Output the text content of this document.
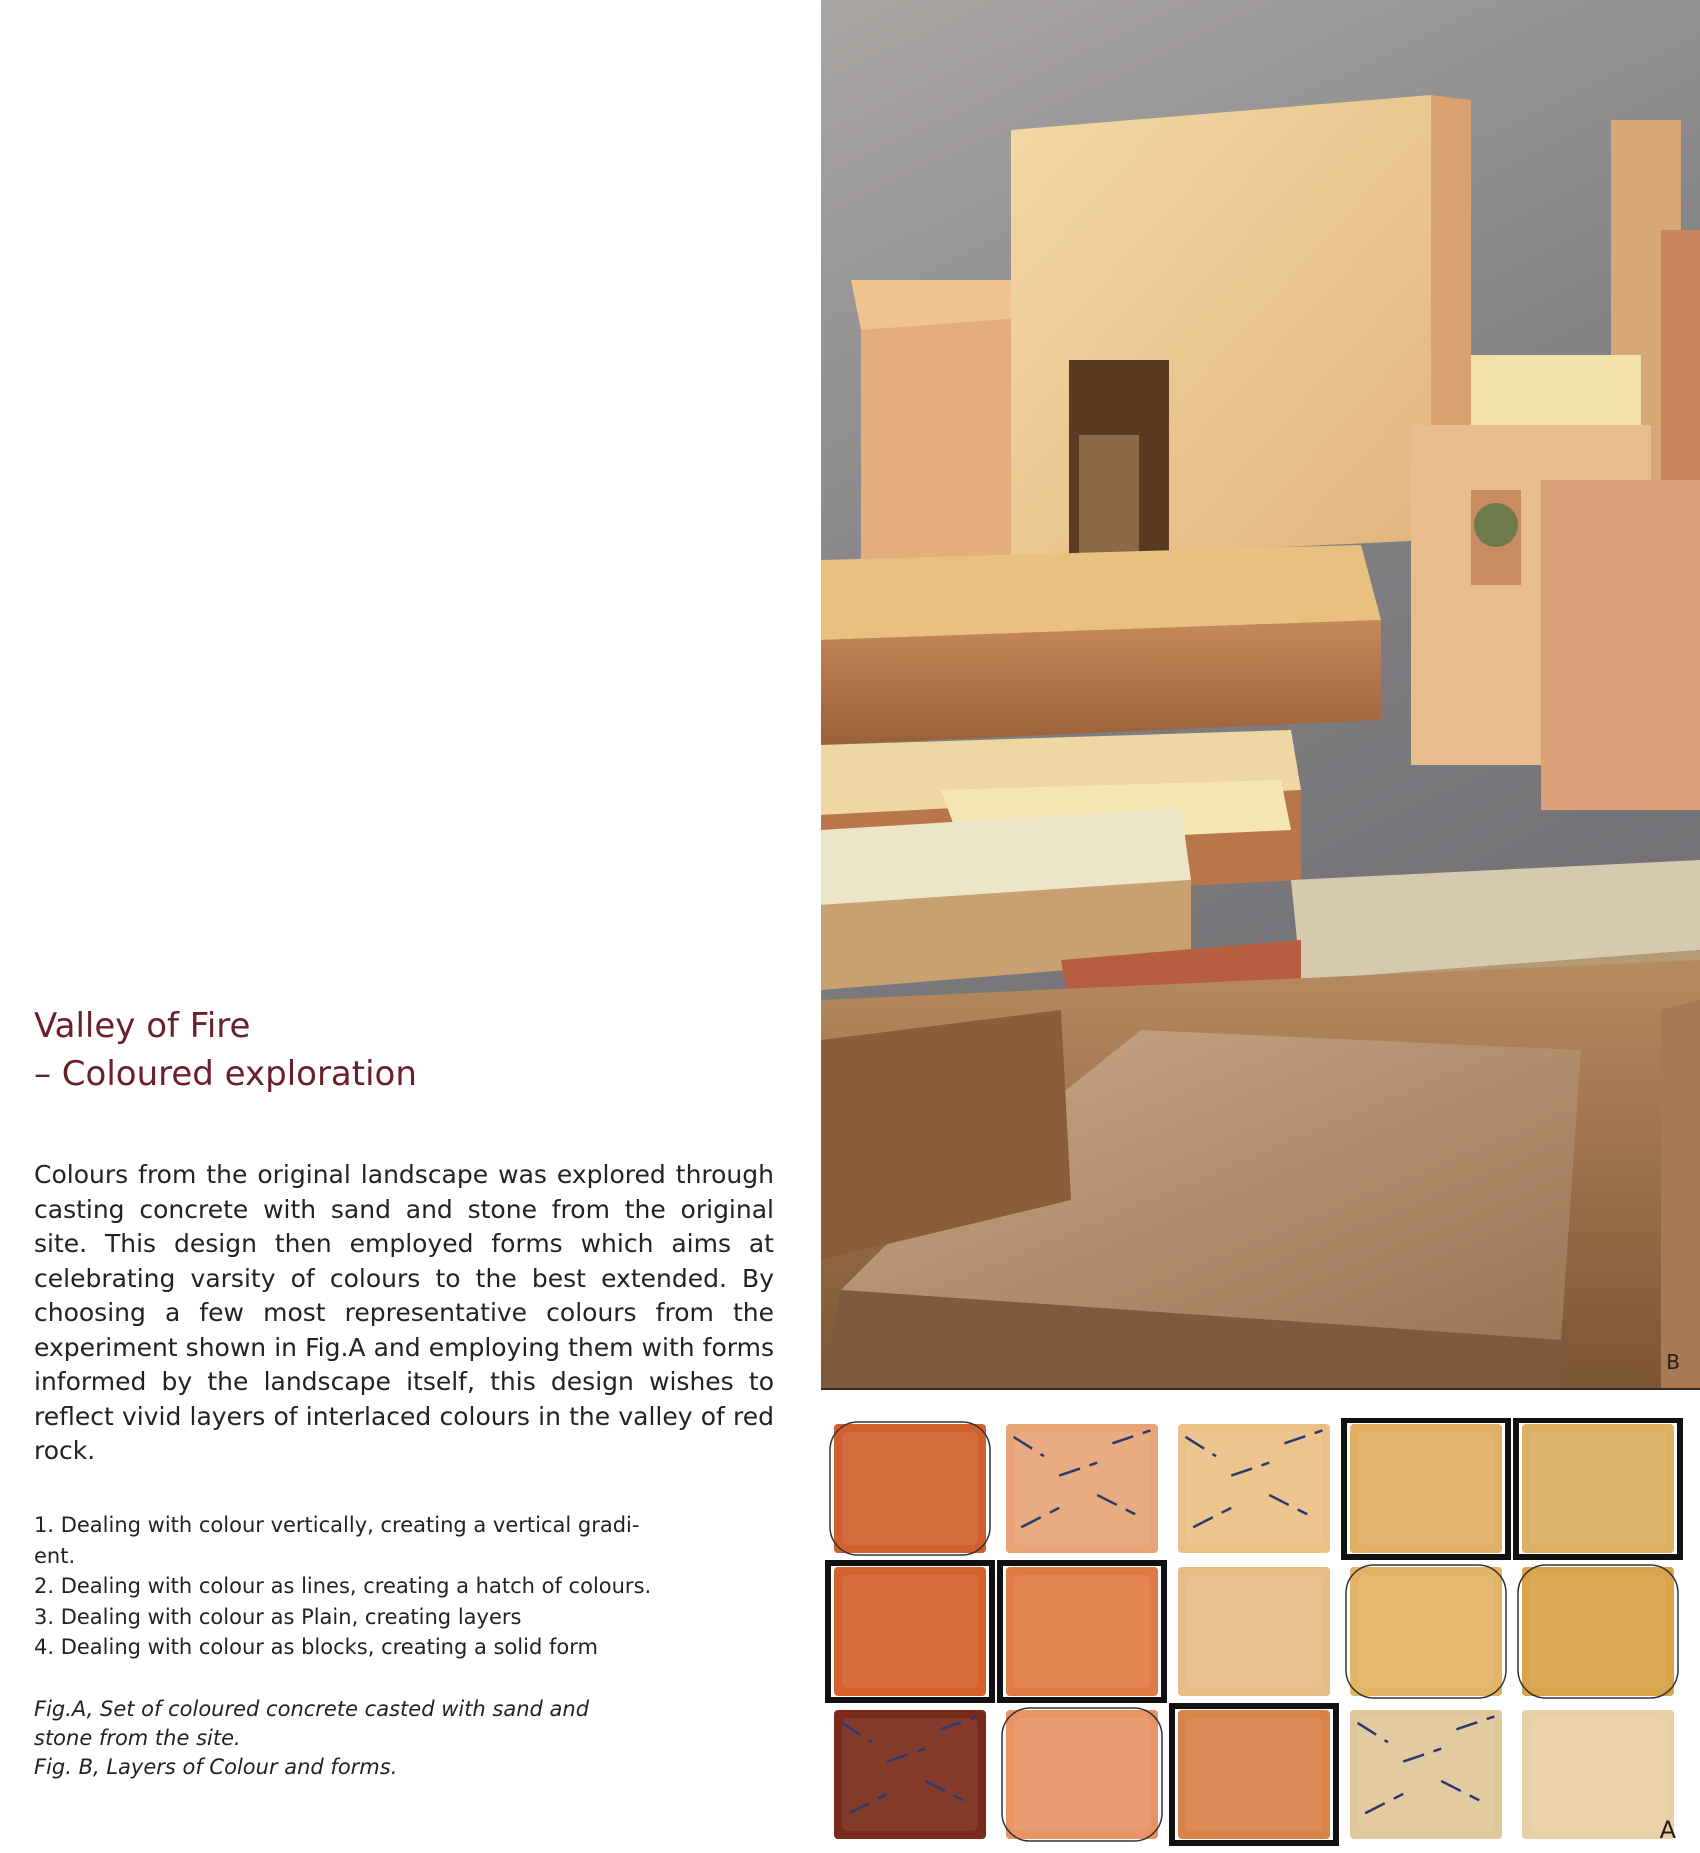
Valley of Fire
– Coloured exploration
Colours from the original landscape was explored through casting concrete with sand and stone from the original site. This design then employed forms which aims at celebrating varsity of colours to the best extended. By choosing a few most representative colours from the experiment shown in Fig.A and employing them with forms informed by the landscape itself, this design wishes to reflect vivid layers of interlaced colours in the valley of red rock.
1. Dealing with colour vertically, creating a vertical gradi-
ent.
2. Dealing with colour as lines, creating a hatch of colours.
3. Dealing with colour as Plain, creating layers
4. Dealing with colour as blocks, creating a solid form
Fig.A, Set of coloured concrete casted with sand and
stone from the site.
Fig. B, Layers of Colour and forms.
B
A
